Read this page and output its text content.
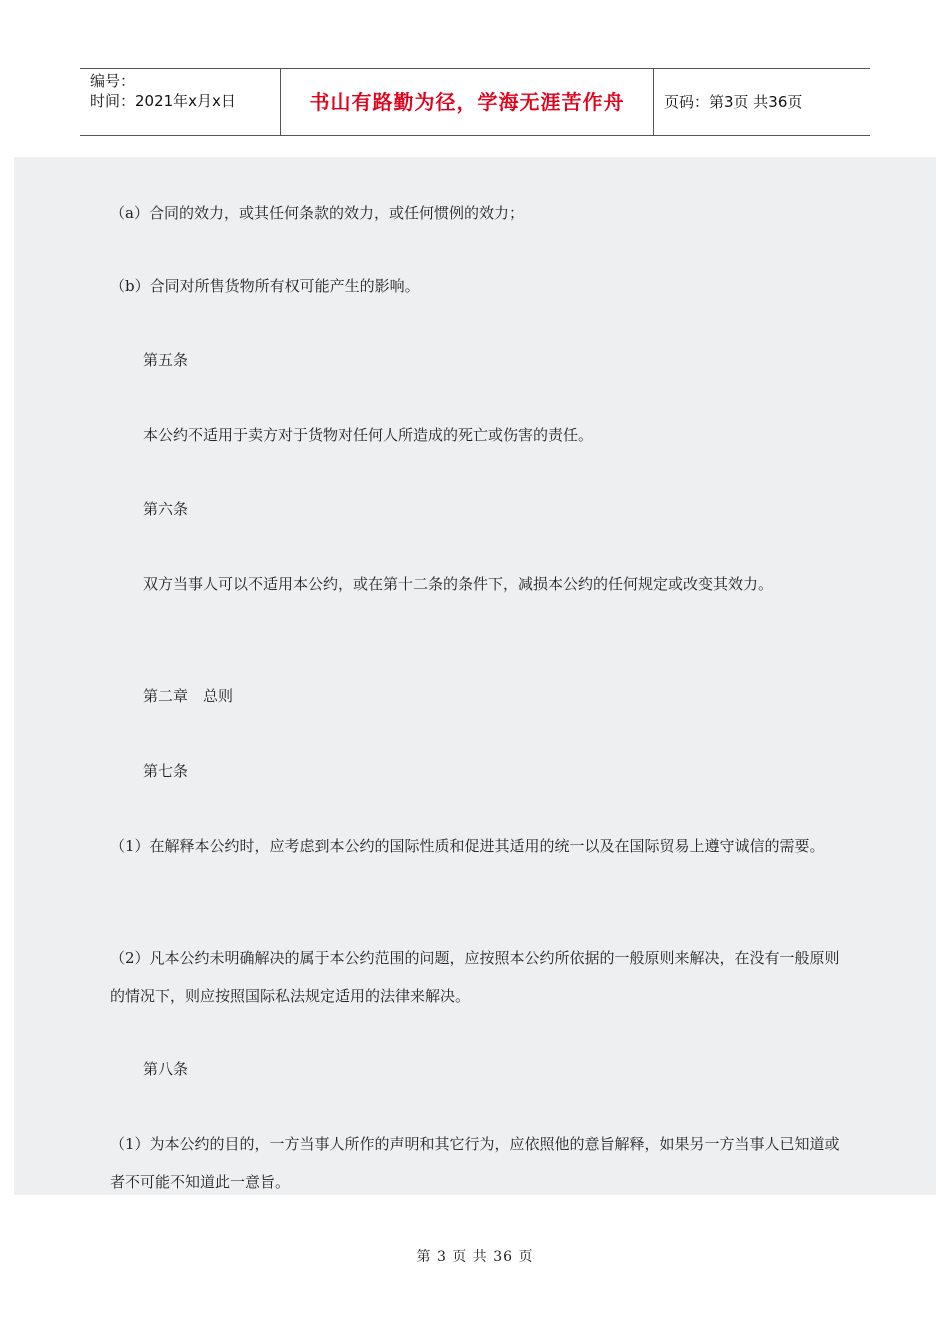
编号：
时间：2021年x月x日	书山有路勤为径，学海无涯苦作舟	页码：第3页 共36页
（a）合同的效力，或其任何条款的效力，或任何惯例的效力；
（b）合同对所售货物所有权可能产生的影响。
第五条
本公约不适用于卖方对于货物对任何人所造成的死亡或伤害的责任。
第六条
双方当事人可以不适用本公约，或在第十二条的条件下，减损本公约的任何规定或改变其效力。
第二章　总则
第七条
（1）在解释本公约时，应考虑到本公约的国际性质和促进其适用的统一以及在国际贸易上遵守诚信的需要。
（2）凡本公约未明确解决的属于本公约范围的问题，应按照本公约所依据的一般原则来解决，在没有一般原则的情况下，则应按照国际私法规定适用的法律来解决。
第八条
（1）为本公约的目的，一方当事人所作的声明和其它行为，应依照他的意旨解释，如果另一方当事人已知道或者不可能不知道此一意旨。
第 3 页 共 36 页
